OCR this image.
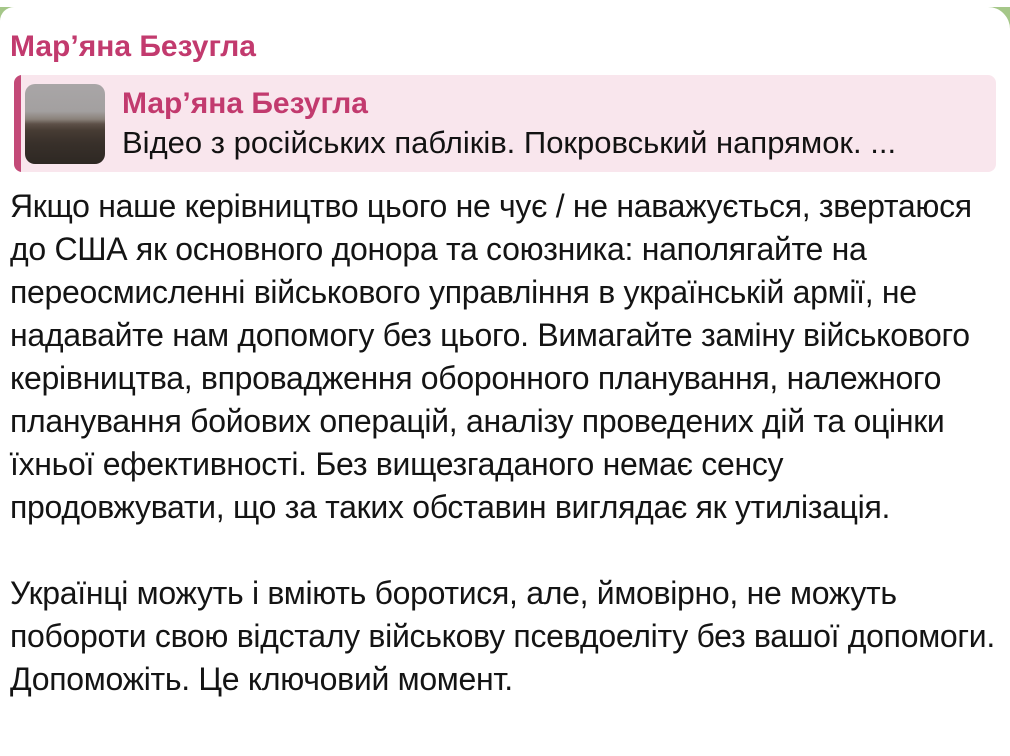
Мар’яна Безугла
Мар’яна Безугла
Відео з російських пабліків. Покровський напрямок. ...

Якщо наше керівництво цього не чує / не наважується, звертаюся до США як основного донора та союзника: наполягайте на переосмисленні військового управління в українській армії, не надавайте нам допомогу без цього. Вимагайте заміну військового керівництва, впровадження оборонного планування, належного планування бойових операцій, аналізу проведених дій та оцінки їхньої ефективності. Без вищезгаданого немає сенсу продовжувати, що за таких обставин виглядає як утилізація.

Українці можуть і вміють боротися, але, ймовірно, не можуть побороти свою відсталу військову псевдоеліту без вашої допомоги. Допоможіть. Це ключовий момент.
